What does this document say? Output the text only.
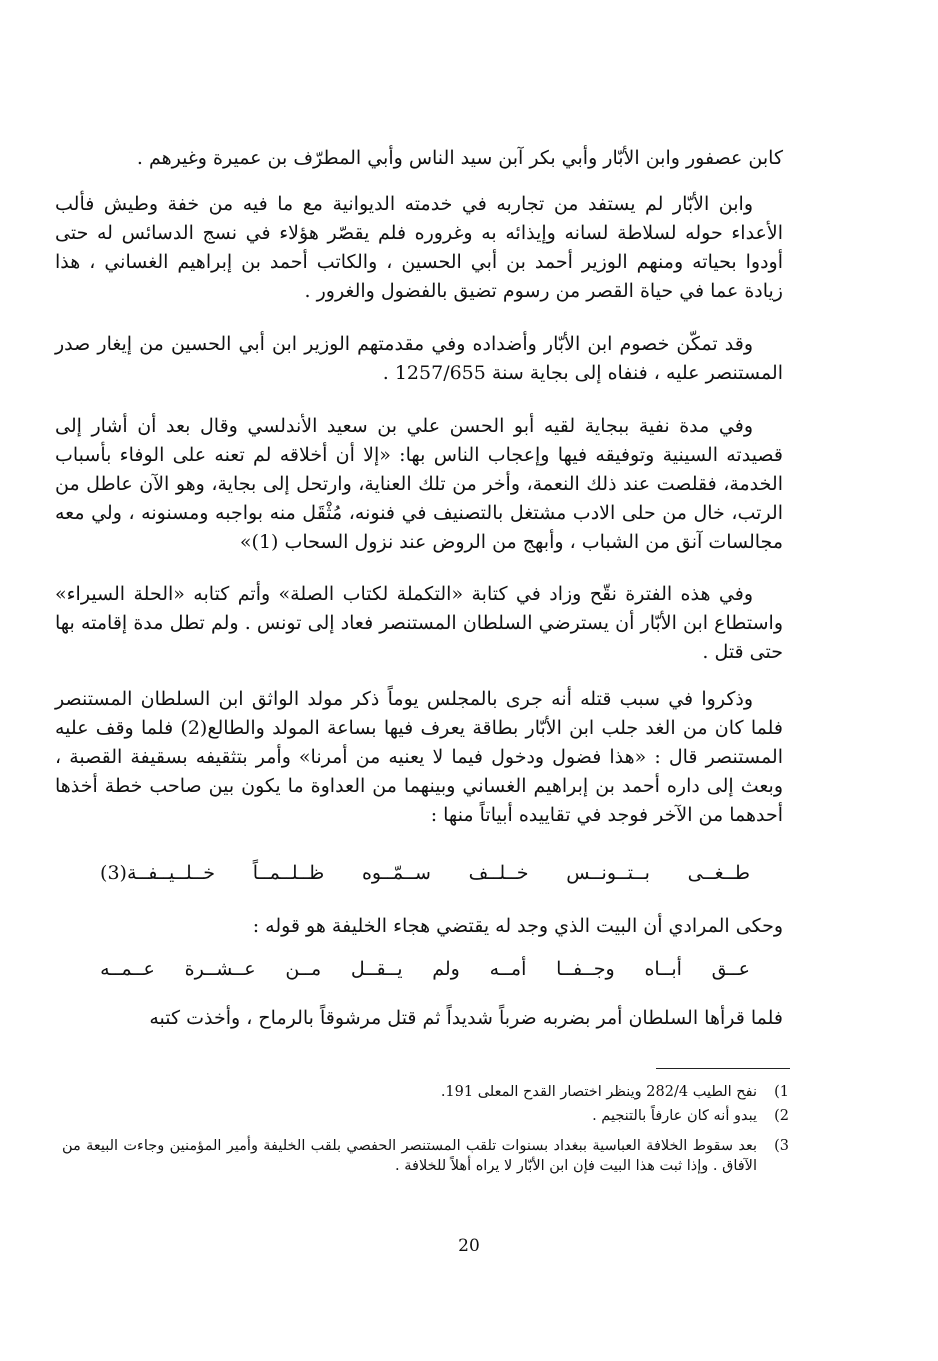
كابن عصفور وابن الأبّار وأبي بكر آبن سيد الناس وأبي المطرّف بن عميرة وغيرهم .

وابن الأبّار لم يستفد من تجاربه في خدمته الديوانية مع ما فيه من خفة وطيش فألب الأعداء حوله لسلاطة لسانه وإيذائه به وغروره فلم يقصّر هؤلاء في نسج الدسائس له حتى أودوا بحياته ومنهم الوزير أحمد بن أبي الحسين ، والكاتب أحمد بن إبراهيم الغساني ، هذا زيادة عما في حياة القصر من رسوم تضيق بالفضول والغرور .

وقد تمكّن خصوم ابن الأبّار وأضداده وفي مقدمتهم الوزير ابن أبي الحسين من إيغار صدر المستنصر عليه ، فنفاه إلى بجاية سنة 1257/655 .

وفي مدة نفية ببجاية لقيه أبو الحسن علي بن سعيد الأندلسي وقال بعد أن أشار إلى قصيدته السينية وتوفيقه فيها وإعجاب الناس بها: «إلا أن أخلاقه لم تعنه على الوفاء بأسباب الخدمة، فقلصت عند ذلك النعمة، وأخر من تلك العناية، وارتحل إلى بجاية، وهو الآن عاطل من الرتب، خال من حلى الادب مشتغل بالتصنيف في فنونه، مُثْقَل منه بواجبه ومسنونه ، ولي معه مجالسات آنق من الشباب ، وأبهج من الروض عند نزول السحاب (1)»

وفي هذه الفترة نقّح وزاد في كتابة «التكملة لكتاب الصلة» وأتم كتابه «الحلة السيراء» واستطاع ابن الأبّار أن يسترضي السلطان المستنصر فعاد إلى تونس . ولم تطل مدة إقامته بها حتى قتل .

وذكروا في سبب قتله أنه جرى بالمجلس يوماً ذكر مولد الواثق ابن السلطان المستنصر فلما كان من الغد جلب ابن الأبّار بطاقة يعرف فيها بساعة المولد والطالع(2) فلما وقف عليه المستنصر قال : «هذا فضول ودخول فيما لا يعنيه من أمرنا» وأمر بتثقيفه بسقيفة القصبة ، وبعث إلى داره أحمد بن إبراهيم الغساني وبينهما من العداوة ما يكون بين صاحب خطة أخذها أحدهما من الآخر فوجد في تقاييده أبياتاً منها :

طــغــى
بــتــونــس
خــلــف
ســمّــوه
ظــلــمــاً
خــلــيــفــة(3)

وحكى المرادي أن البيت الذي وجد له يقتضي هجاء الخليفة هو قوله :

عــق
أبــاه
وجــفــا
أمــه
ولم
يــقــل
مــن
عــشــرة
عــمــه

فلما قرأها السلطان أمر بضربه ضرباً شديداً ثم قتل مرشوقاً بالرماح ، وأخذت كتبه

1)
نفح الطيب 282/4 وينظر اختصار القدح المعلى 191.
2)
يبدو أنه كان عارفاً بالتنجيم .
3)
بعد سقوط الخلافة العباسية ببغداد بسنوات تلقب المستنصر الحفصي بلقب الخليفة وأمير المؤمنين وجاءت البيعة من الآفاق . وإذا ثبت هذا البيت فإن ابن الأبّار لا يراه أهلاً للخلافة .
20
